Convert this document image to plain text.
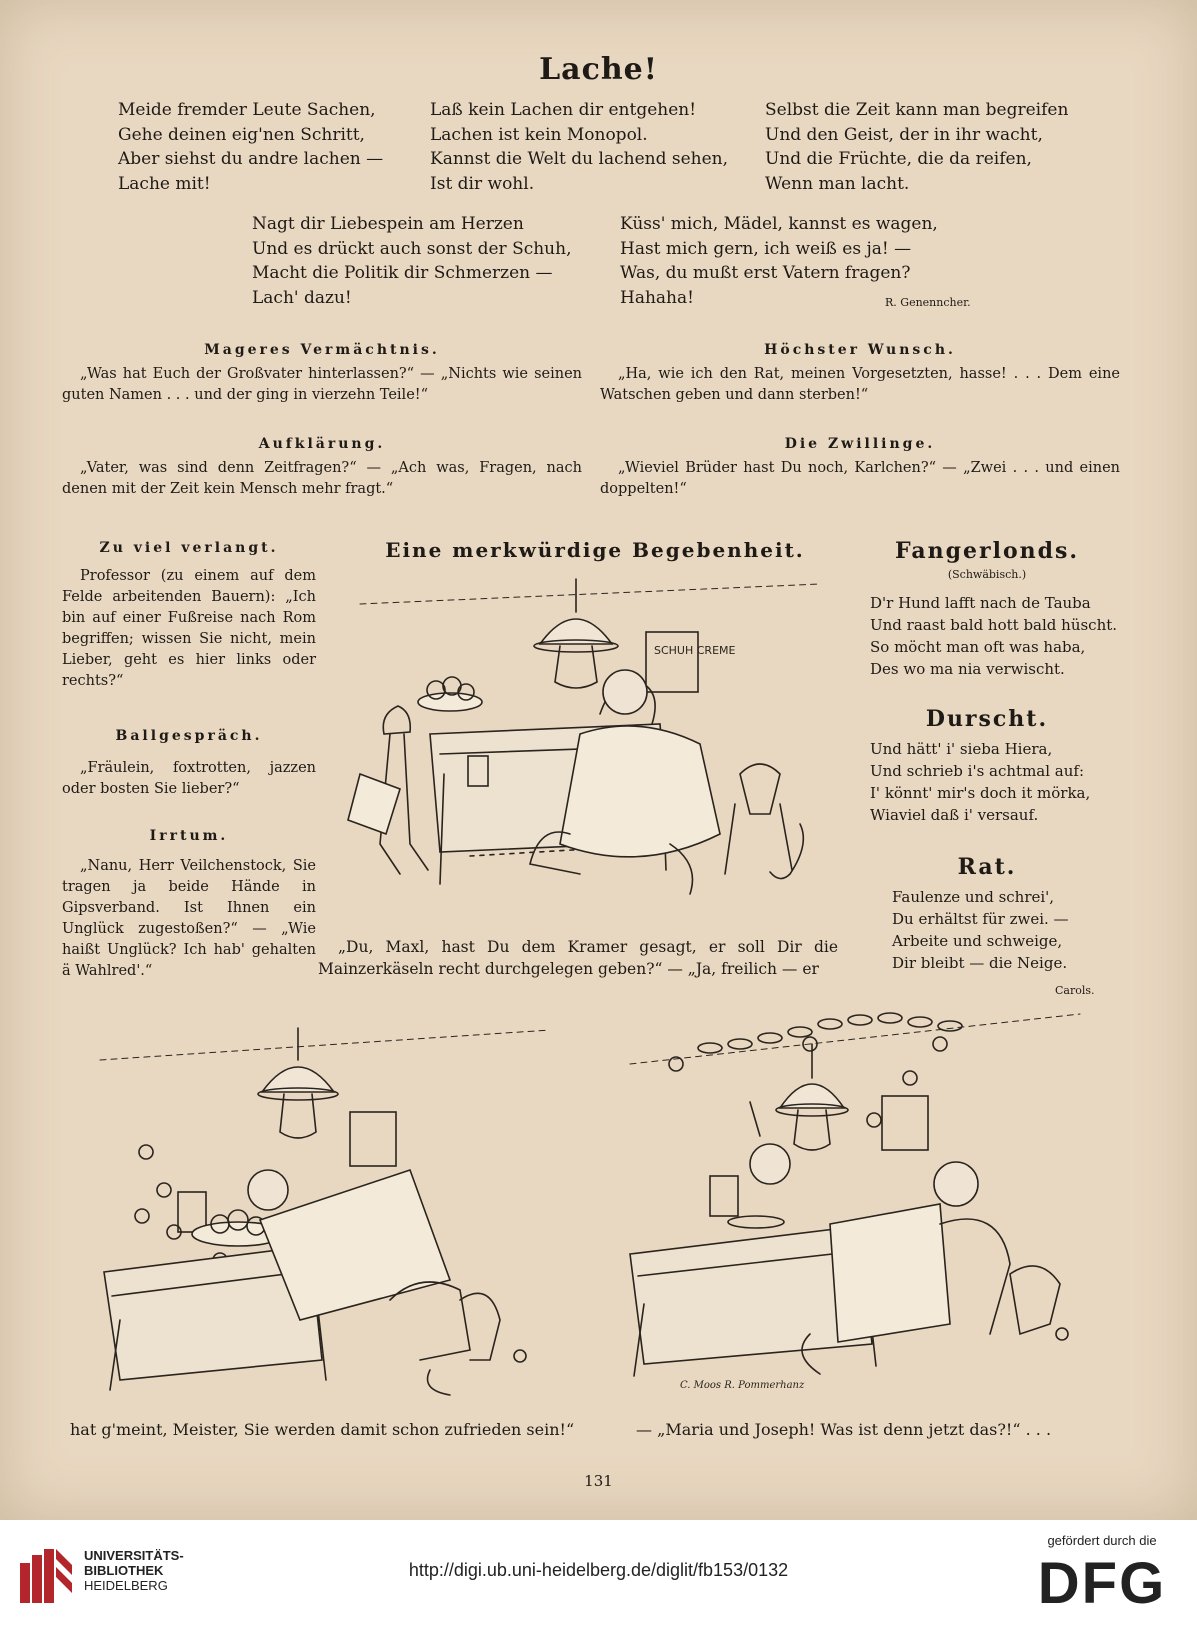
Lache!
Meide fremder Leute Sachen,
Gehe deinen eig'nen Schritt,
Aber siehst du andre lachen —
Lache mit!
Laß kein Lachen dir entgehen!
Lachen ist kein Monopol.
Kannst die Welt du lachend sehen,
Ist dir wohl.
Selbst die Zeit kann man begreifen
Und den Geist, der in ihr wacht,
Und die Früchte, die da reifen,
Wenn man lacht.
Nagt dir Liebespein am Herzen
Und es drückt auch sonst der Schuh,
Macht die Politik dir Schmerzen —
Lach' dazu!
Küss' mich, Mädel, kannst es wagen,
Hast mich gern, ich weiß es ja! —
Was, du mußt erst Vatern fragen?
Hahaha!	R. Genenncher.
Mageres Vermächtnis.
„Was hat Euch der Großvater hinterlassen?“ — „Nichts wie seinen guten Namen . . . und der ging in vierzehn Teile!“
Höchster Wunsch.
„Ha, wie ich den Rat, meinen Vorgesetzten, hasse! . . . Dem eine Watschen geben und dann sterben!“
Aufklärung.
„Vater, was sind denn Zeitfragen?“ — „Ach was, Fragen, nach denen mit der Zeit kein Mensch mehr fragt.“
Die Zwillinge.
„Wieviel Brüder hast Du noch, Karlchen?“ — „Zwei . . . und einen doppelten!“
Zu viel verlangt.
Professor (zu einem auf dem Felde arbeitenden Bauern): „Ich bin auf einer Fußreise nach Rom begriffen; wissen Sie nicht, mein Lieber, geht es hier links oder rechts?“
Ballgespräch.
„Fräulein, foxtrotten, jazzen oder bosten Sie lieber?“
Irrtum.
„Nanu, Herr Veilchenstock, Sie tragen ja beide Hände in Gipsverband. Ist Ihnen ein Unglück zugestoßen?“ — „Wie haißt Unglück? Ich hab' gehalten ä Wahlred'.“
Eine merkwürdige Begebenheit.
SCHUH CREME
„Du, Maxl, hast Du dem Kramer gesagt, er soll Dir die Mainzerkäseln recht durchgelegen geben?“ — „Ja, freilich — er
Fangerlonds.
(Schwäbisch.)
D'r Hund lafft nach de Tauba
Und raast bald hott bald hüscht.
So möcht man oft was haba,
Des wo ma nia verwischt.
Durscht.
Und hätt' i' sieba Hiera,
Und schrieb i's achtmal auf:
I' könnt' mir's doch it mörka,
Wiaviel daß i' versauf.
Rat.
Faulenze und schrei',
Du erhältst für zwei. —
Arbeite und schweige,
Dir bleibt — die Neige.
Carols.
C. Moos R. Pommerhanz
hat g'meint, Meister, Sie werden damit schon zufrieden sein!“	— „Maria und Joseph! Was ist denn jetzt das?!“ . . .
131
UNIVERSITÄTS-
BIBLIOTHEK
HEIDELBERG
http://digi.ub.uni-heidelberg.de/diglit/fb153/0132
gefördert durch die
DFG
